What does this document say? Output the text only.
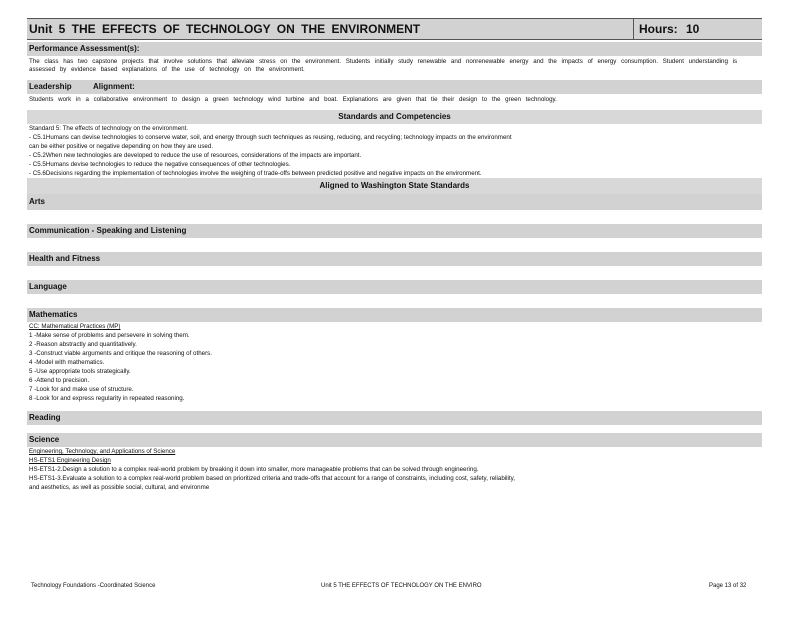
Unit 5 THE EFFECTS OF TECHNOLOGY ON THE ENVIRONMENT	Hours: 10
Performance Assessment(s):
The class has two capstone projects that involve solutions that alleviate stress on the environment. Students initially study renewable and nonrenewable energy and the impacts of energy consumption. Student understanding is assessed by evidence based explanations of the use of technology on the environment.
Leadership	Alignment:
Students work in a collaborative environment to design a green technology wind turbine and boat. Explanations are given that tie their design to the green technology.
Standards and Competencies
Standard 5: The effects of technology on the environment.
- C5.1Humans can devise technologies to conserve water, soil, and energy through such techniques as reusing, reducing, and recycling; technology impacts on the environment
can be either positive or negative depending on how they are used.
- C5.2When new technologies are developed to reduce the use of resources, considerations of the impacts are important.
- C5.5Humans devise technologies to reduce the negative consequences of other technologies.
- C5.6Decisions regarding the implementation of technologies involve the weighing of trade-offs between predicted positive and negative impacts on the environment.
Aligned to Washington State Standards
Arts
Communication - Speaking and Listening
Health and Fitness
Language
Mathematics
CC: Mathematical Practices (MP)
1 -Make sense of problems and persevere in solving them.
2 -Reason abstractly and quantitatively.
3 -Construct viable arguments and critique the reasoning of others.
4 -Model with mathematics.
5 -Use appropriate tools strategically.
6 -Attend to precision.
7 -Look for and make use of structure.
8 -Look for and express regularity in repeated reasoning.
Reading
Science
Engineering, Technology, and Applications of Science
HS-ETS1 Engineering Design
HS-ETS1-2.Design a solution to a complex real-world problem by breaking it down into smaller, more manageable problems that can be solved through engineering.
HS-ETS1-3.Evaluate a solution to a complex real-world problem based on prioritized criteria and trade-offs that account for a range of constraints, including cost, safety, reliability,
and aesthetics, as well as possible social, cultural, and environme
Technology Foundations -Coordinated Science	Unit 5 THE EFFECTS OF TECHNOLOGY ON THE ENVIRO	Page 13 of 32
